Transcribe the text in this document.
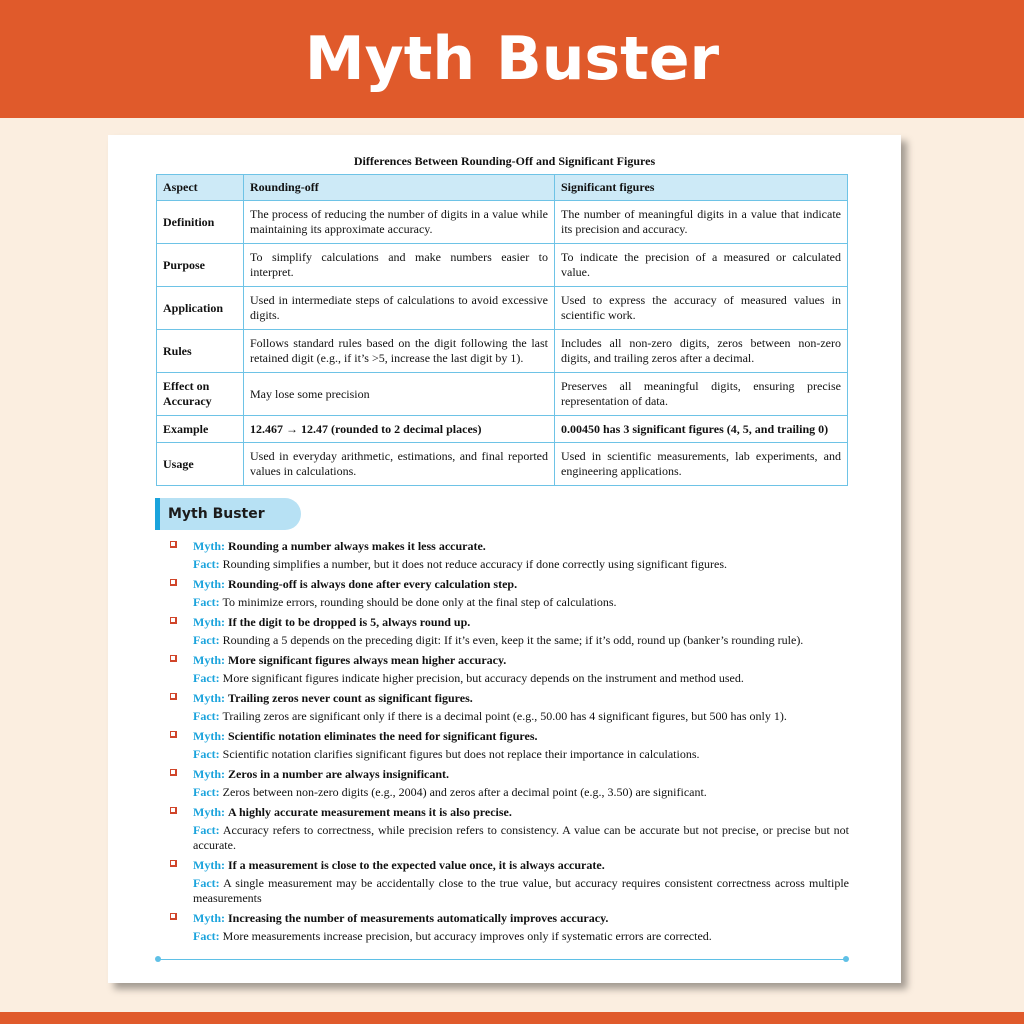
Myth Buster
Differences Between Rounding-Off and Significant Figures
Aspect	Rounding-off	Significant figures
Definition	The process of reducing the number of digits in a value while maintaining its approximate accuracy.	The number of meaningful digits in a value that indicate its precision and accuracy.
Purpose	To simplify calculations and make numbers easier to interpret.	To indicate the precision of a measured or calculated value.
Application	Used in intermediate steps of calculations to avoid excessive digits.	Used to express the accuracy of measured values in scientific work.
Rules	Follows standard rules based on the digit following the last retained digit (e.g., if it’s >5, increase the last digit by 1).	Includes all non-zero digits, zeros between non-zero digits, and trailing zeros after a decimal.
Effect on Accuracy	May lose some precision	Preserves all meaningful digits, ensuring precise representation of data.
Example	12.467 → 12.47 (rounded to 2 decimal places)	0.00450 has 3 significant figures (4, 5, and trailing 0)
Usage	Used in everyday arithmetic, estimations, and final reported values in calculations.	Used in scientific measurements, lab experiments, and engineering applications.
Myth Buster
Myth: Rounding a number always makes it less accurate.
Fact: Rounding simplifies a number, but it does not reduce accuracy if done correctly using significant figures.
Myth: Rounding-off is always done after every calculation step.
Fact: To minimize errors, rounding should be done only at the final step of calculations.
Myth: If the digit to be dropped is 5, always round up.
Fact: Rounding a 5 depends on the preceding digit: If it’s even, keep it the same; if it’s odd, round up (banker’s rounding rule).
Myth: More significant figures always mean higher accuracy.
Fact: More significant figures indicate higher precision, but accuracy depends on the instrument and method used.
Myth: Trailing zeros never count as significant figures.
Fact: Trailing zeros are significant only if there is a decimal point (e.g., 50.00 has 4 significant figures, but 500 has only 1).
Myth: Scientific notation eliminates the need for significant figures.
Fact: Scientific notation clarifies significant figures but does not replace their importance in calculations.
Myth: Zeros in a number are always insignificant.
Fact: Zeros between non-zero digits (e.g., 2004) and zeros after a decimal point (e.g., 3.50) are significant.
Myth: A highly accurate measurement means it is also precise.
Fact: Accuracy refers to correctness, while precision refers to consistency. A value can be accurate but not precise, or precise but not accurate.
Myth: If a measurement is close to the expected value once, it is always accurate.
Fact: A single measurement may be accidentally close to the true value, but accuracy requires consistent correctness across multiple measurements
Myth: Increasing the number of measurements automatically improves accuracy.
Fact: More measurements increase precision, but accuracy improves only if systematic errors are corrected.
